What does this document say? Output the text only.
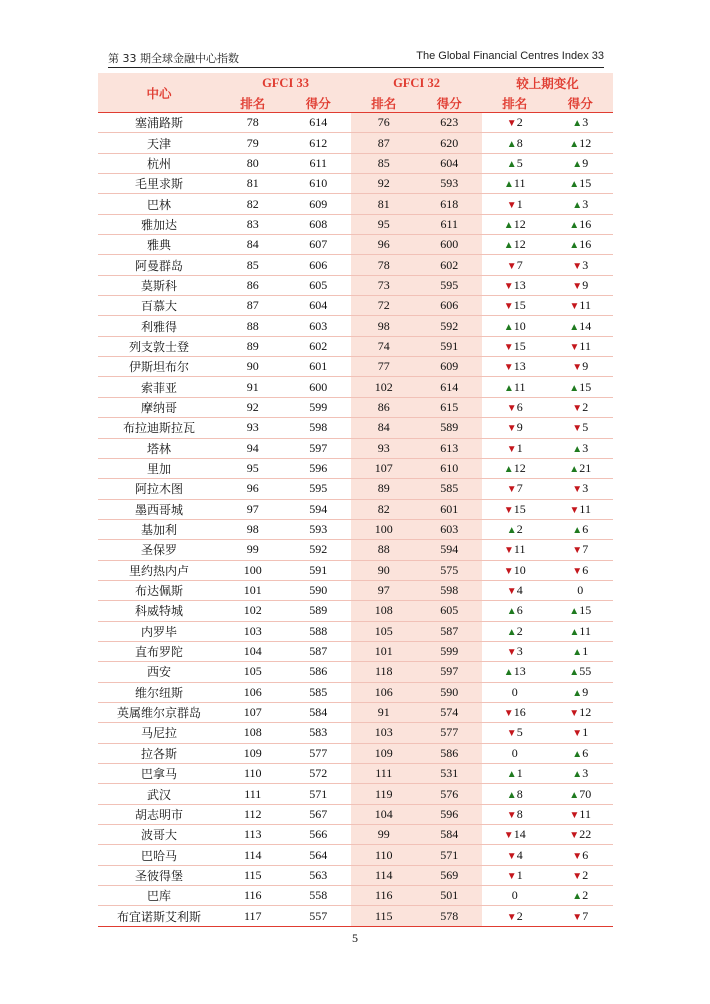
第 33 期全球金融中心指数	The Global Financial Centres Index 33
中心	GFCI 33		GFCI 32		较上期变化	
	排名	得分	排名	得分	排名	得分
塞浦路斯	78	614	76	623	▼2	▲3
天津	79	612	87	620	▲8	▲12
杭州	80	611	85	604	▲5	▲9
毛里求斯	81	610	92	593	▲11	▲15
巴林	82	609	81	618	▼1	▲3
雅加达	83	608	95	611	▲12	▲16
雅典	84	607	96	600	▲12	▲16
阿曼群岛	85	606	78	602	▼7	▼3
莫斯科	86	605	73	595	▼13	▼9
百慕大	87	604	72	606	▼15	▼11
利雅得	88	603	98	592	▲10	▲14
列支敦士登	89	602	74	591	▼15	▼11
伊斯坦布尔	90	601	77	609	▼13	▼9
索菲亚	91	600	102	614	▲11	▲15
摩纳哥	92	599	86	615	▼6	▼2
布拉迪斯拉瓦	93	598	84	589	▼9	▼5
塔林	94	597	93	613	▼1	▲3
里加	95	596	107	610	▲12	▲21
阿拉木图	96	595	89	585	▼7	▼3
墨西哥城	97	594	82	601	▼15	▼11
基加利	98	593	100	603	▲2	▲6
圣保罗	99	592	88	594	▼11	▼7
里约热内卢	100	591	90	575	▼10	▼6
布达佩斯	101	590	97	598	▼4	0
科威特城	102	589	108	605	▲6	▲15
内罗毕	103	588	105	587	▲2	▲11
直布罗陀	104	587	101	599	▼3	▲1
西安	105	586	118	597	▲13	▲55
维尔纽斯	106	585	106	590	0	▲9
英属维尔京群岛	107	584	91	574	▼16	▼12
马尼拉	108	583	103	577	▼5	▼1
拉各斯	109	577	109	586	0	▲6
巴拿马	110	572	111	531	▲1	▲3
武汉	111	571	119	576	▲8	▲70
胡志明市	112	567	104	596	▼8	▼11
波哥大	113	566	99	584	▼14	▼22
巴哈马	114	564	110	571	▼4	▼6
圣彼得堡	115	563	114	569	▼1	▼2
巴库	116	558	116	501	0	▲2
布宜诺斯艾利斯	117	557	115	578	▼2	▼7
5
